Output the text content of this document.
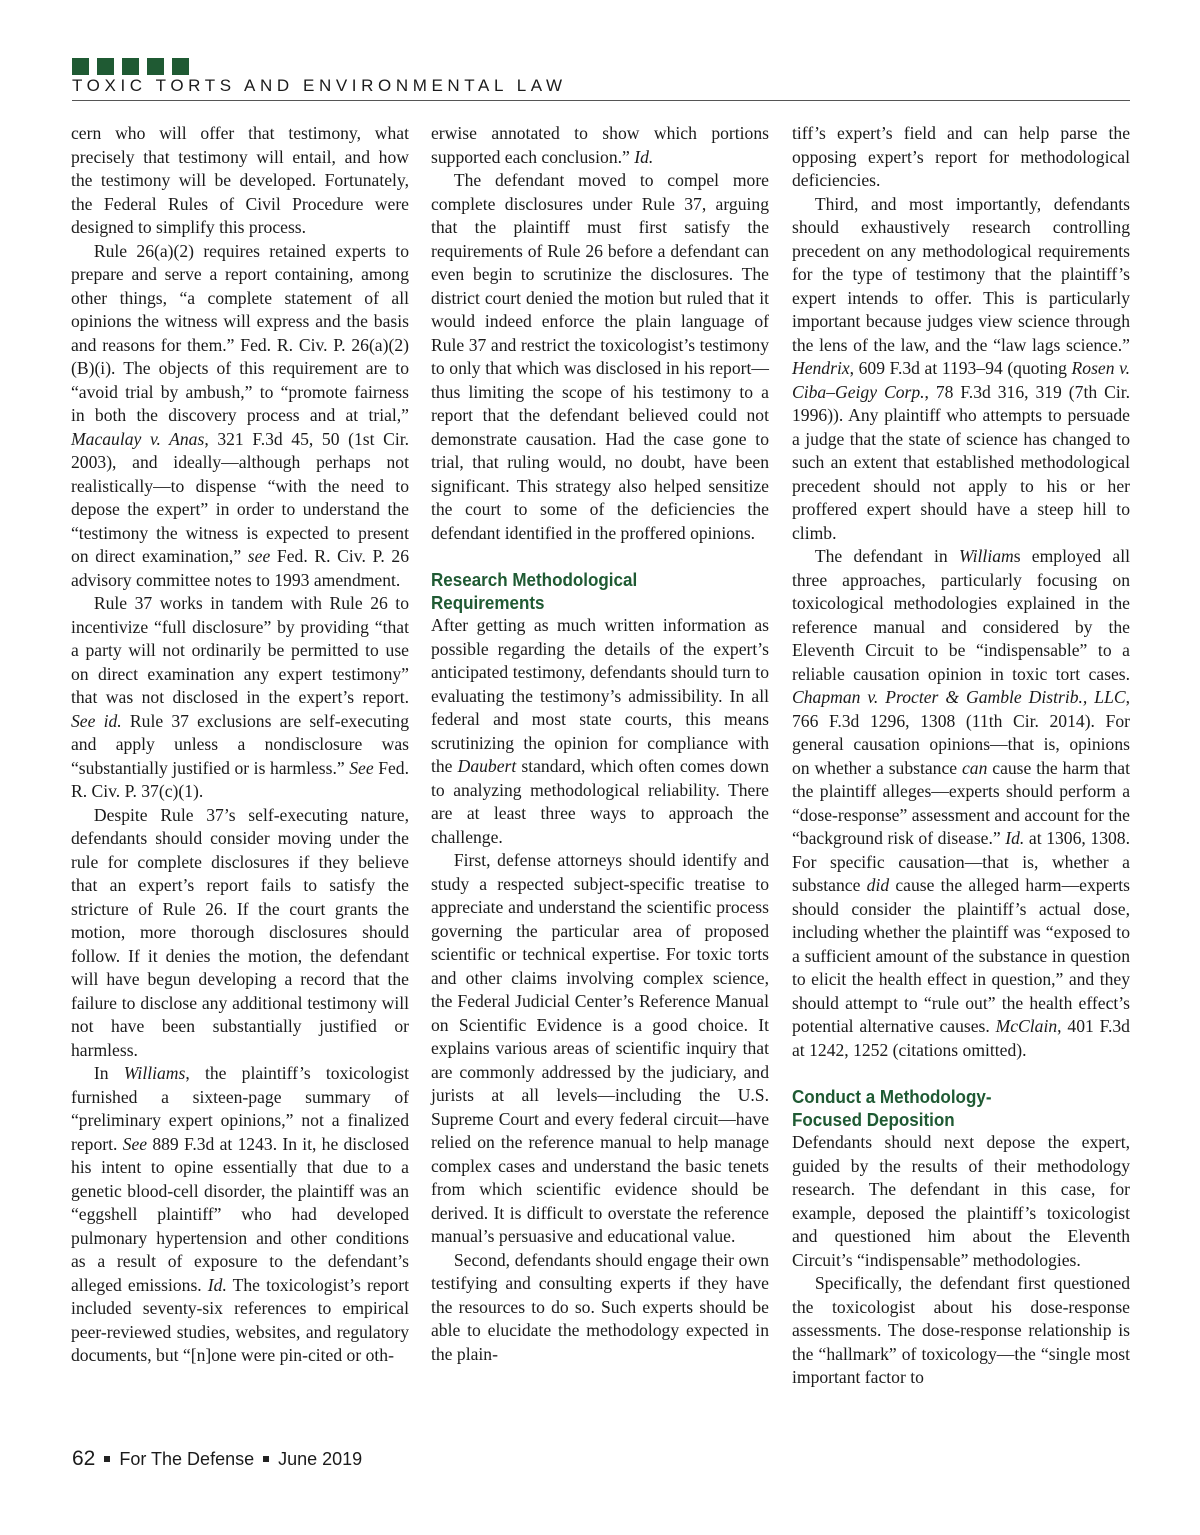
TOXIC TORTS AND ENVIRONMENTAL LAW

cern who will offer that testimony, what precisely that testimony will entail, and how the testimony will be developed. Fortunately, the Federal Rules of Civil Procedure were designed to simplify this process.

Rule 26(a)(2) requires retained experts to prepare and serve a report containing, among other things, “a complete statement of all opinions the witness will express and the basis and reasons for them.” Fed. R. Civ. P. 26(a)(2)(B)(i). The objects of this requirement are to “avoid trial by ambush,” to “promote fairness in both the discovery process and at trial,” Macaulay v. Anas, 321 F.3d 45, 50 (1st Cir. 2003), and ideally—although perhaps not realistically—to dispense “with the need to depose the expert” in order to understand the “testimony the witness is expected to present on direct examination,” see Fed. R. Civ. P. 26 advisory committee notes to 1993 amendment.

Rule 37 works in tandem with Rule 26 to incentivize “full disclosure” by providing “that a party will not ordinarily be permitted to use on direct examination any expert testimony” that was not disclosed in the expert’s report. See id. Rule 37 exclusions are self-executing and apply unless a nondisclosure was “substantially justified or is harmless.” See Fed. R. Civ. P. 37(c)(1).

Despite Rule 37’s self-executing nature, defendants should consider moving under the rule for complete disclosures if they believe that an expert’s report fails to satisfy the stricture of Rule 26. If the court grants the motion, more thorough disclosures should follow. If it denies the motion, the defendant will have begun developing a record that the failure to disclose any additional testimony will not have been substantially justified or harmless.

In Williams, the plaintiff’s toxicologist furnished a sixteen-page summary of “preliminary expert opinions,” not a finalized report. See 889 F.3d at 1243. In it, he disclosed his intent to opine essentially that due to a genetic blood-cell disorder, the plaintiff was an “eggshell plaintiff” who had developed pulmonary hypertension and other conditions as a result of exposure to the defendant’s alleged emissions. Id. The toxicologist’s report included seventy-six references to empirical peer-reviewed studies, websites, and regulatory documents, but “[n]one were pin-cited or oth-

erwise annotated to show which portions supported each conclusion.” Id.

The defendant moved to compel more complete disclosures under Rule 37, arguing that the plaintiff must first satisfy the requirements of Rule 26 before a defendant can even begin to scrutinize the disclosures. The district court denied the motion but ruled that it would indeed enforce the plain language of Rule 37 and restrict the toxicologist’s testimony to only that which was disclosed in his report—thus limiting the scope of his testimony to a report that the defendant believed could not demonstrate causation. Had the case gone to trial, that ruling would, no doubt, have been significant. This strategy also helped sensitize the court to some of the deficiencies the defendant identified in the proffered opinions.

Research Methodological
Requirements

After getting as much written information as possible regarding the details of the expert’s anticipated testimony, defendants should turn to evaluating the testimony’s admissibility. In all federal and most state courts, this means scrutinizing the opinion for compliance with the Daubert standard, which often comes down to analyzing methodological reliability. There are at least three ways to approach the challenge.

First, defense attorneys should identify and study a respected subject-specific treatise to appreciate and understand the scientific process governing the particular area of proposed scientific or technical expertise. For toxic torts and other claims involving complex science, the Federal Judicial Center’s Reference Manual on Scientific Evidence is a good choice. It explains various areas of scientific inquiry that are commonly addressed by the judiciary, and jurists at all levels—including the U.S. Supreme Court and every federal circuit—have relied on the reference manual to help manage complex cases and understand the basic tenets from which scientific evidence should be derived. It is difficult to overstate the reference manual’s persuasive and educational value.

Second, defendants should engage their own testifying and consulting experts if they have the resources to do so. Such experts should be able to elucidate the methodology expected in the plain-

tiff’s expert’s field and can help parse the opposing expert’s report for methodological deficiencies.

Third, and most importantly, defendants should exhaustively research controlling precedent on any methodological requirements for the type of testimony that the plaintiff’s expert intends to offer. This is particularly important because judges view science through the lens of the law, and the “law lags science.” Hendrix, 609 F.3d at 1193–94 (quoting Rosen v. Ciba–Geigy Corp., 78 F.3d 316, 319 (7th Cir. 1996)). Any plaintiff who attempts to persuade a judge that the state of science has changed to such an extent that established methodological precedent should not apply to his or her proffered expert should have a steep hill to climb.

The defendant in Williams employed all three approaches, particularly focusing on toxicological methodologies explained in the reference manual and considered by the Eleventh Circuit to be “indispensable” to a reliable causation opinion in toxic tort cases. Chapman v. Procter & Gamble Distrib., LLC, 766 F.3d 1296, 1308 (11th Cir. 2014). For general causation opinions—that is, opinions on whether a substance can cause the harm that the plaintiff alleges—experts should perform a “dose-response” assessment and account for the “background risk of disease.” Id. at 1306, 1308. For specific causation—that is, whether a substance did cause the alleged harm—experts should consider the plaintiff’s actual dose, including whether the plaintiff was “exposed to a sufficient amount of the substance in question to elicit the health effect in question,” and they should attempt to “rule out” the health effect’s potential alternative causes. McClain, 401 F.3d at 1242, 1252 (citations omitted).

Conduct a Methodology-
Focused Deposition

Defendants should next depose the expert, guided by the results of their methodology research. The defendant in this case, for example, deposed the plaintiff’s toxicologist and questioned him about the Eleventh Circuit’s “indispensable” methodologies.

Specifically, the defendant first questioned the toxicologist about his dose-response assessments. The dose-response relationship is the “hallmark” of toxicology—the “single most important factor to

62 For The Defense June 2019
